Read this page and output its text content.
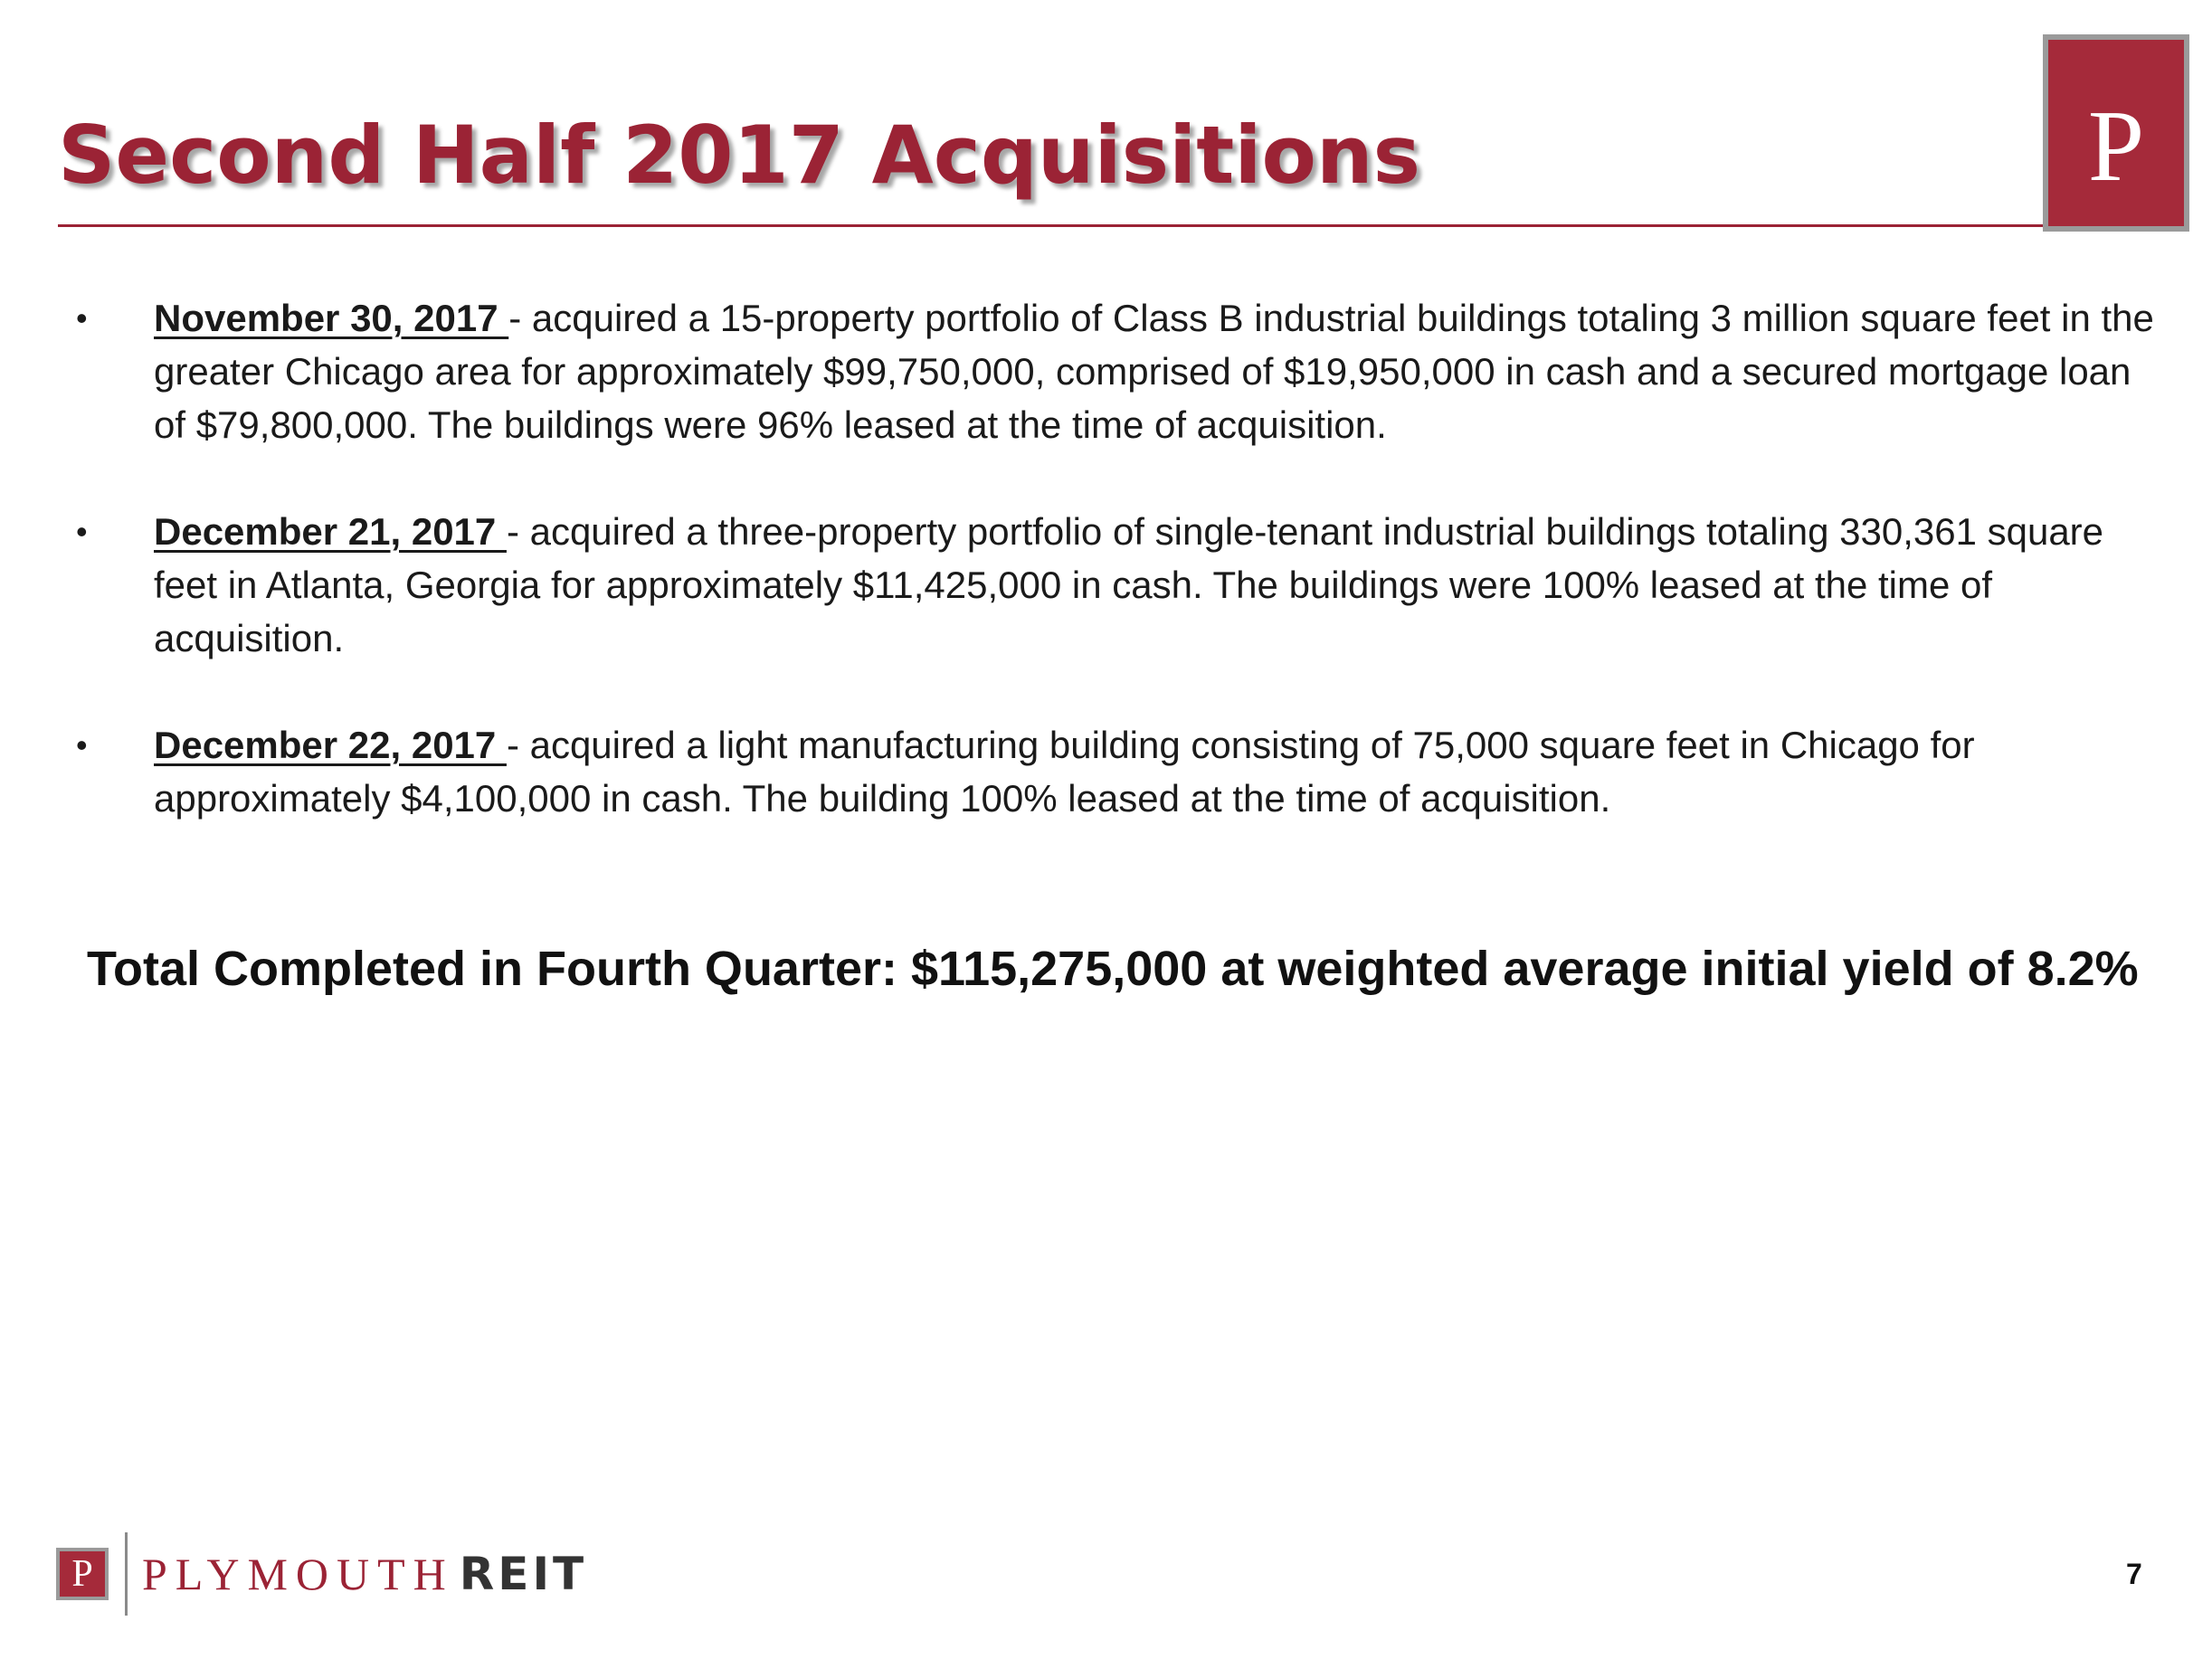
Second Half 2017 Acquisitions	P
• November 30, 2017 - acquired a 15-property portfolio of Class B industrial buildings totaling 3 million square feet in the greater Chicago area for approximately $99,750,000, comprised of $19,950,000 in cash and a secured mortgage loan of $79,800,000. The buildings were 96% leased at the time of acquisition.
• December 21, 2017 - acquired a three-property portfolio of single-tenant industrial buildings totaling 330,361 square feet in Atlanta, Georgia for approximately $11,425,000 in cash. The buildings were 100% leased at the time of acquisition.
• December 22, 2017 - acquired a light manufacturing building consisting of 75,000 square feet in Chicago for approximately $4,100,000 in cash. The building 100% leased at the time of acquisition.

Total Completed in Fourth Quarter: $115,275,000 at weighted average initial yield of 8.2%

P	PLYMOUTH REIT	7
